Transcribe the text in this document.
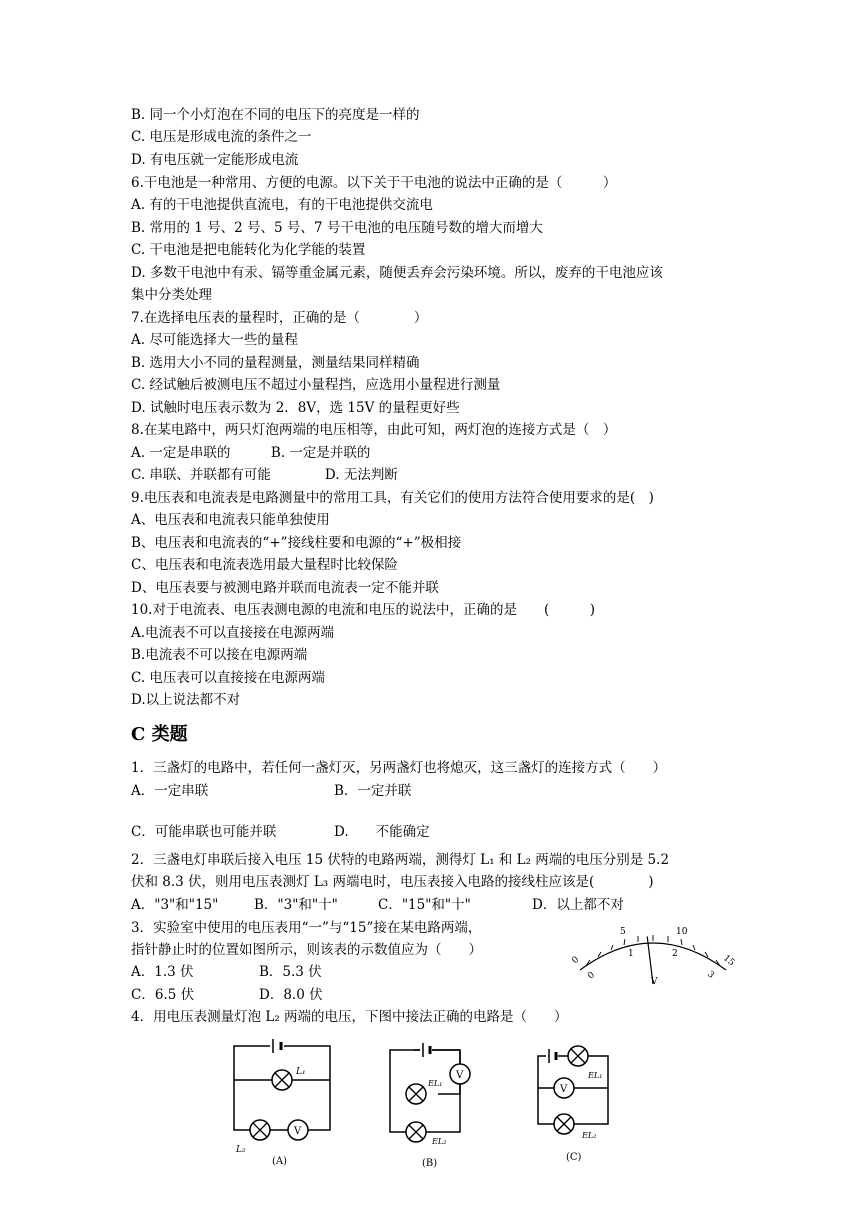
B. 同一个小灯泡在不同的电压下的亮度是一样的
C. 电压是形成电流的条件之一
D. 有电压就一定能形成电流
6.干电池是一种常用、方便的电源。以下关于干电池的说法中正确的是（　　　）
A. 有的干电池提供直流电，有的干电池提供交流电
B. 常用的 1 号、2 号、5 号、7 号干电池的电压随号数的增大而增大
C. 干电池是把电能转化为化学能的装置
D. 多数干电池中有汞、镉等重金属元素，随便丢弃会污染环境。所以，废弃的干电池应该
集中分类处理
7.在选择电压表的量程时，正确的是（　　　　）
A. 尽可能选择大一些的量程
B. 选用大小不同的量程测量，测量结果同样精确
C. 经试触后被测电压不超过小量程挡，应选用小量程进行测量
D. 试触时电压表示数为 2．8V，选 15V 的量程更好些
8.在某电路中，两只灯泡两端的电压相等，由此可知，两灯泡的连接方式是（　）
A. 一定是串联的　　　B. 一定是并联的
C. 串联、并联都有可能　　　　D. 无法判断
9.电压表和电流表是电路测量中的常用工具，有关它们的使用方法符合使用要求的是(　)
A、电压表和电流表只能单独使用
B、电压表和电流表的“+”接线柱要和电源的“+”极相接
C、电压表和电流表选用最大量程时比较保险
D、电压表要与被测电路并联而电流表一定不能并联
10.对于电流表、电压表测电源的电流和电压的说法中，正确的是　　(　　　)
A.电流表不可以直接接在电源两端
B.电流表不可以接在电源两端
C. 电压表可以直接接在电源两端
D.以上说法都不对
C 类题
1．三盏灯的电路中，若任何一盏灯灭，另两盏灯也将熄灭，这三盏灯的连接方式（　　）
A．一定串联	B．一定并联
C．可能串联也可能并联	D.　　不能确定
2．三盏电灯串联后接入电压 15 伏特的电路两端，测得灯 L₁ 和 L₂ 两端的电压分别是 5.2
伏和 8.3 伏，则用电压表测灯 L₃ 两端电时，电压表接入电路的接线柱应该是(　　　　)
A．"3"和"15"	B．"3"和"十"	C．"15"和"十"	D．以上都不对
3．实验室中使用的电压表用“一”与“15”接在某电路两端，
指针静止时的位置如图所示，则该表的示数值应为（　　）
A．1.3 伏	B．5.3 伏
C．6.5 伏	D．8.0 伏
0
5	10
15
0
1	2
3
V
4．用电压表测量灯泡 L₂ 两端的电压，下图中接法正确的电路是（　　）
L₁
L₂
V
(A)
V
EL₁
EL₂
(B)
EL₁
V
EL₂
(C)
